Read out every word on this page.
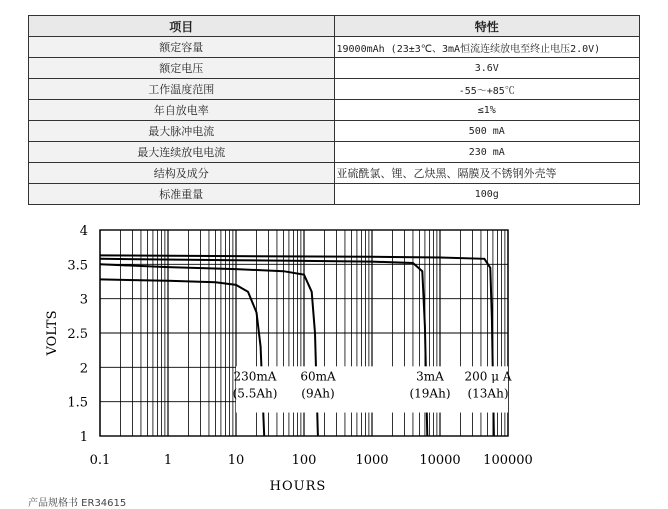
项目	特性
额定容量	19000mAh (23±3℃、3mA恒流连续放电至终止电压2.0V)
额定电压	3.6V
工作温度范围	-55～+85℃
年自放电率	≤1%
最大脉冲电流	500 mA
最大连续放电电流	230 mA
结构及成分	亚硫酰氯、锂、乙炔黑、隔膜及不锈钢外壳等
标准重量	100g
1
1.5
2
2.5
3
3.5
4
0.1	1	10	100	1000 10000 100000
HOURS
VOLTS
230mA
(5.5Ah)
60mA
(9Ah)
3mA
(19Ah)
200 μ A
(13Ah)
产品规格书 ER34615
